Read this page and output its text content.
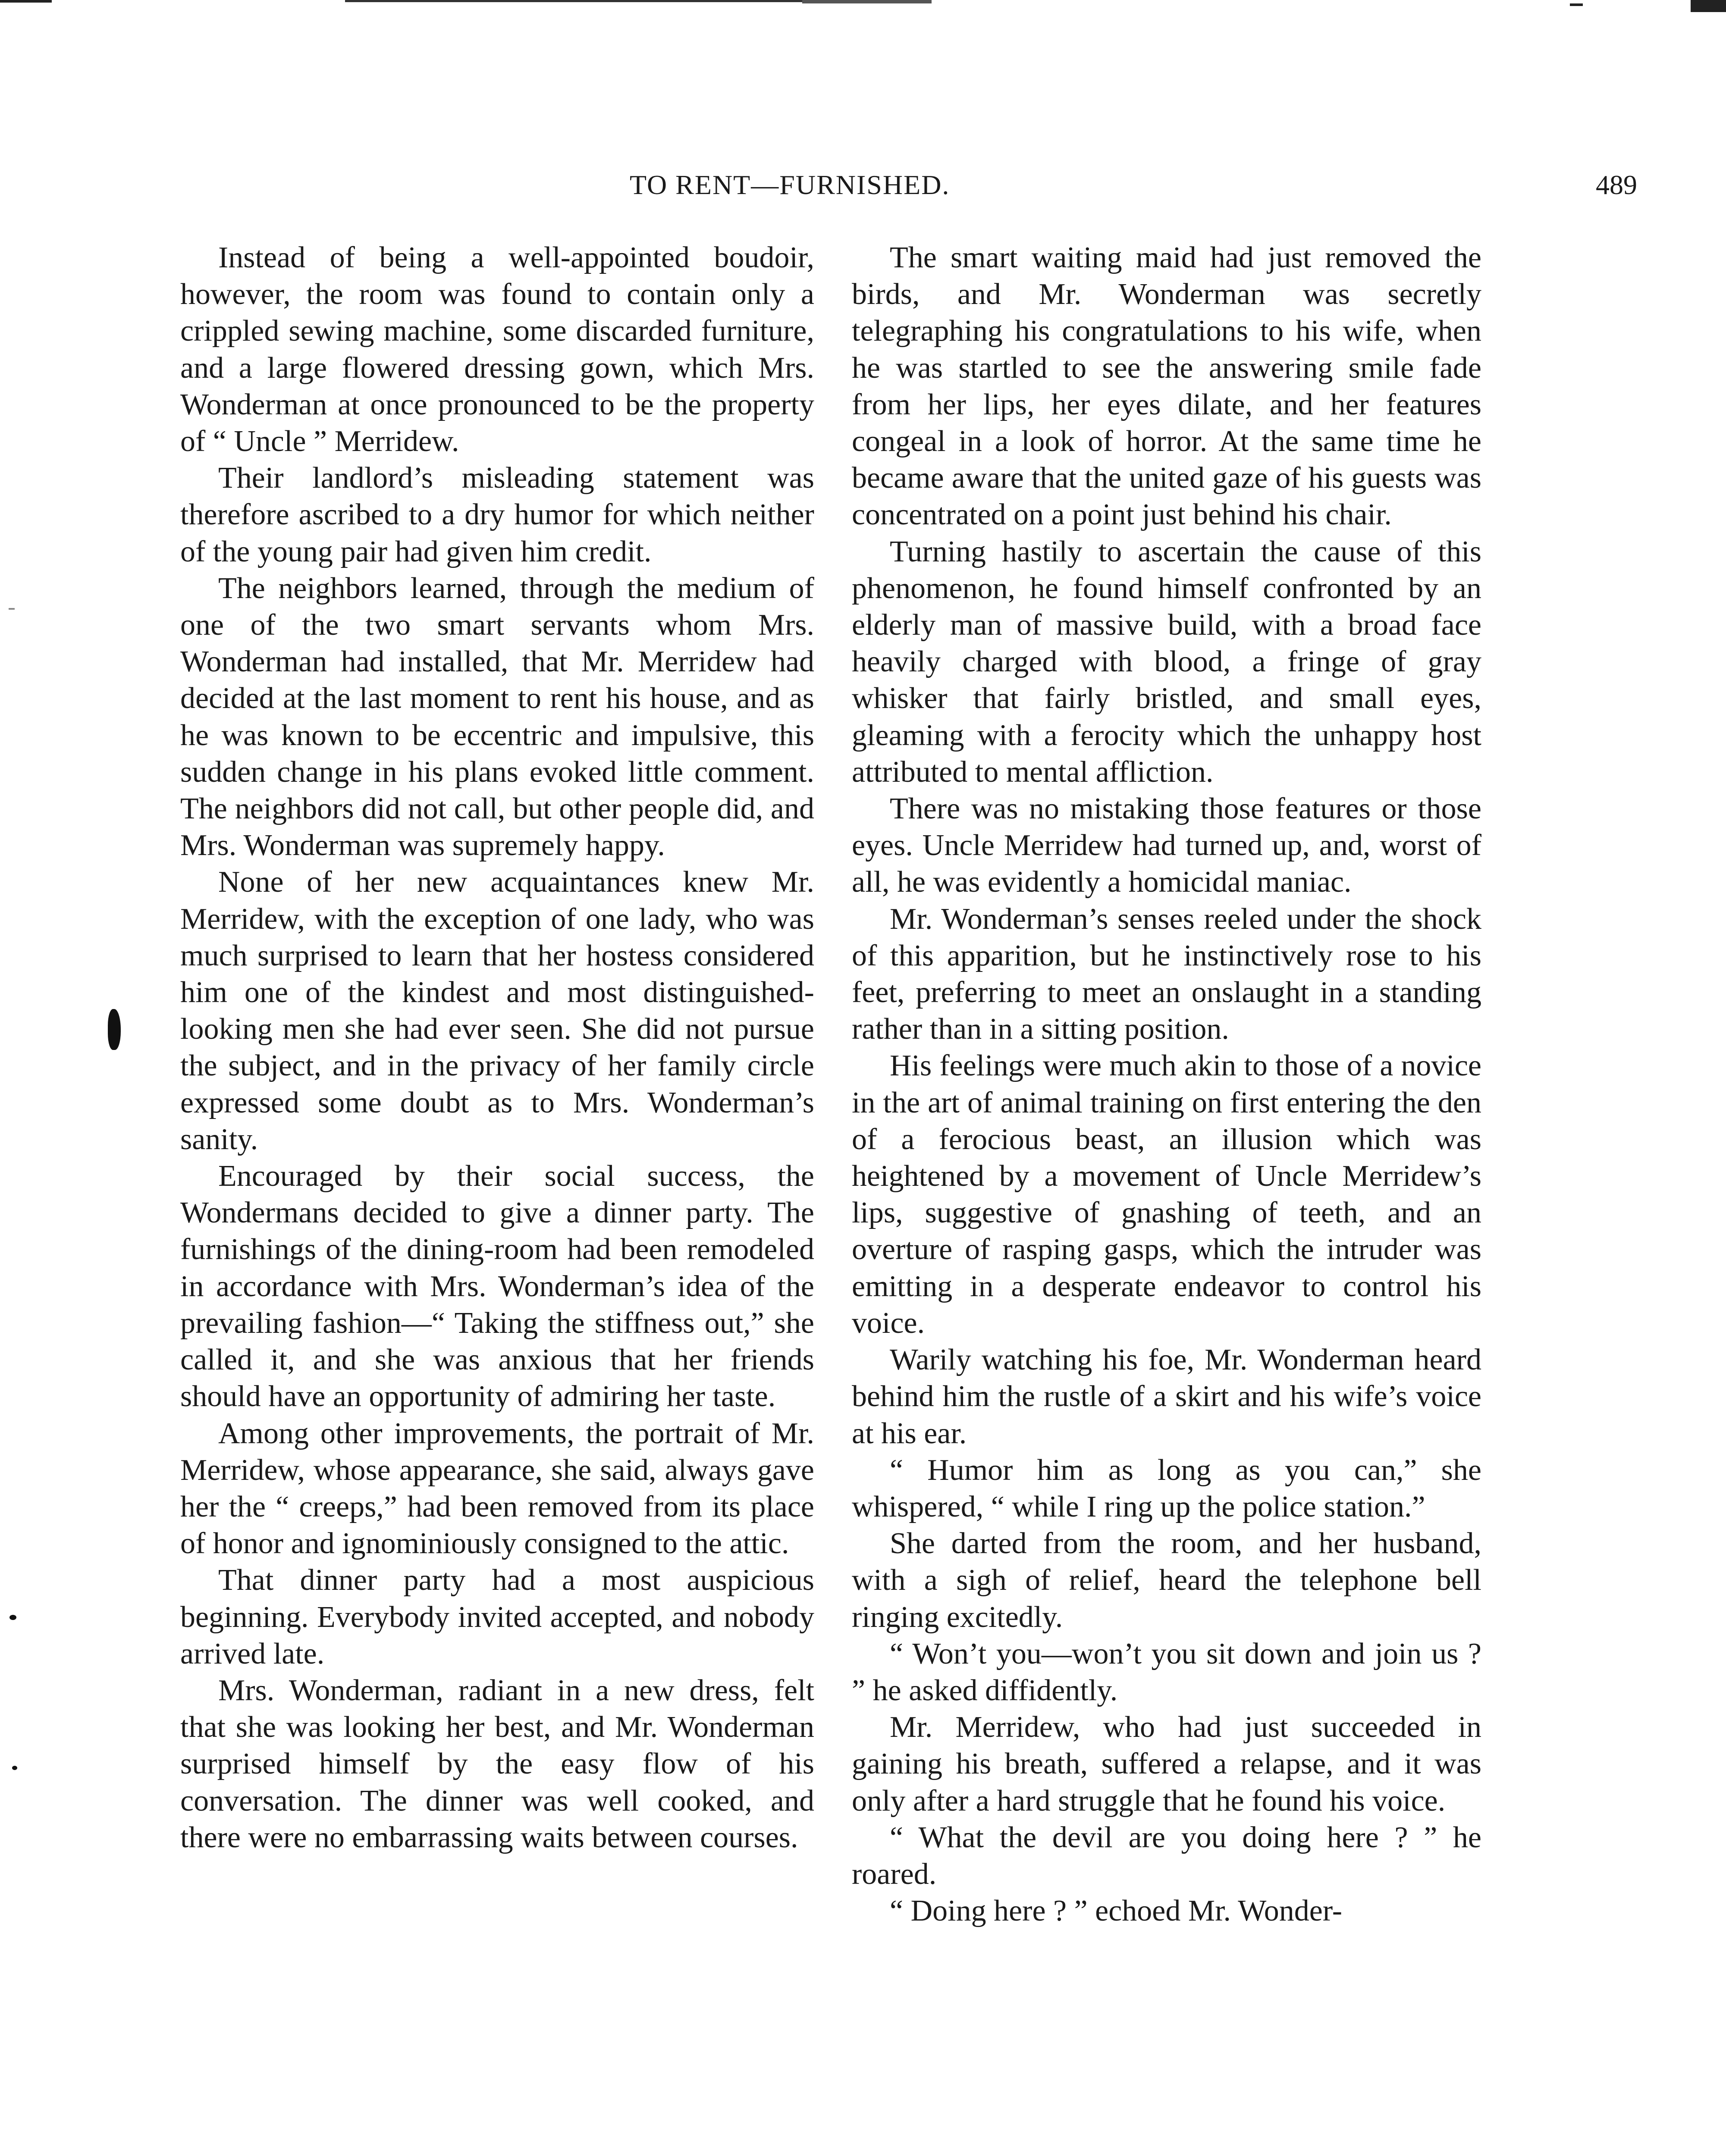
TO RENT—FURNISHED.	489

Instead of being a well-appointed boudoir, however, the room was found to contain only a crippled sewing machine, some discarded furniture, and a large flowered dressing gown, which Mrs. Wonderman at once pronounced to be the property of “ Uncle ” Merridew.

Their landlord’s misleading statement was therefore ascribed to a dry humor for which neither of the young pair had given him credit.

The neighbors learned, through the medium of one of the two smart servants whom Mrs. Wonderman had installed, that Mr. Merridew had decided at the last moment to rent his house, and as he was known to be eccentric and impulsive, this sudden change in his plans evoked little comment. The neighbors did not call, but other people did, and Mrs. Wonderman was supremely happy.

None of her new acquaintances knew Mr. Merridew, with the exception of one lady, who was much surprised to learn that her hostess considered him one of the kindest and most distinguished-looking men she had ever seen. She did not pursue the subject, and in the privacy of her family circle expressed some doubt as to Mrs. Wonderman’s sanity.

Encouraged by their social success, the Wondermans decided to give a dinner party. The furnishings of the dining-room had been remodeled in accordance with Mrs. Wonderman’s idea of the prevailing fashion—“ Taking the stiffness out,” she called it, and she was anxious that her friends should have an opportunity of admiring her taste.

Among other improvements, the portrait of Mr. Merridew, whose appearance, she said, always gave her the “ creeps,” had been removed from its place of honor and ignominiously consigned to the attic.

That dinner party had a most auspicious beginning. Everybody invited accepted, and nobody arrived late.

Mrs. Wonderman, radiant in a new dress, felt that she was looking her best, and Mr. Wonderman surprised himself by the easy flow of his conversation. The dinner was well cooked, and there were no embarrassing waits between courses.

The smart waiting maid had just removed the birds, and Mr. Wonderman was secretly telegraphing his congratulations to his wife, when he was startled to see the answering smile fade from her lips, her eyes dilate, and her features congeal in a look of horror. At the same time he became aware that the united gaze of his guests was concentrated on a point just behind his chair.

Turning hastily to ascertain the cause of this phenomenon, he found himself confronted by an elderly man of massive build, with a broad face heavily charged with blood, a fringe of gray whisker that fairly bristled, and small eyes, gleaming with a ferocity which the unhappy host attributed to mental affliction.

There was no mistaking those features or those eyes. Uncle Merridew had turned up, and, worst of all, he was evidently a homicidal maniac.

Mr. Wonderman’s senses reeled under the shock of this apparition, but he instinctively rose to his feet, preferring to meet an onslaught in a standing rather than in a sitting position.

His feelings were much akin to those of a novice in the art of animal training on first entering the den of a ferocious beast, an illusion which was heightened by a movement of Uncle Merridew’s lips, suggestive of gnashing of teeth, and an overture of rasping gasps, which the intruder was emitting in a desperate endeavor to control his voice.

Warily watching his foe, Mr. Wonderman heard behind him the rustle of a skirt and his wife’s voice at his ear.

“ Humor him as long as you can,” she whispered, “ while I ring up the police station.”

She darted from the room, and her husband, with a sigh of relief, heard the telephone bell ringing excitedly.

“ Won’t you—won’t you sit down and join us ? ” he asked diffidently.

Mr. Merridew, who had just succeeded in gaining his breath, suffered a relapse, and it was only after a hard struggle that he found his voice.

“ What the devil are you doing here ? ” he roared.

“ Doing here ? ” echoed Mr. Wonder-
